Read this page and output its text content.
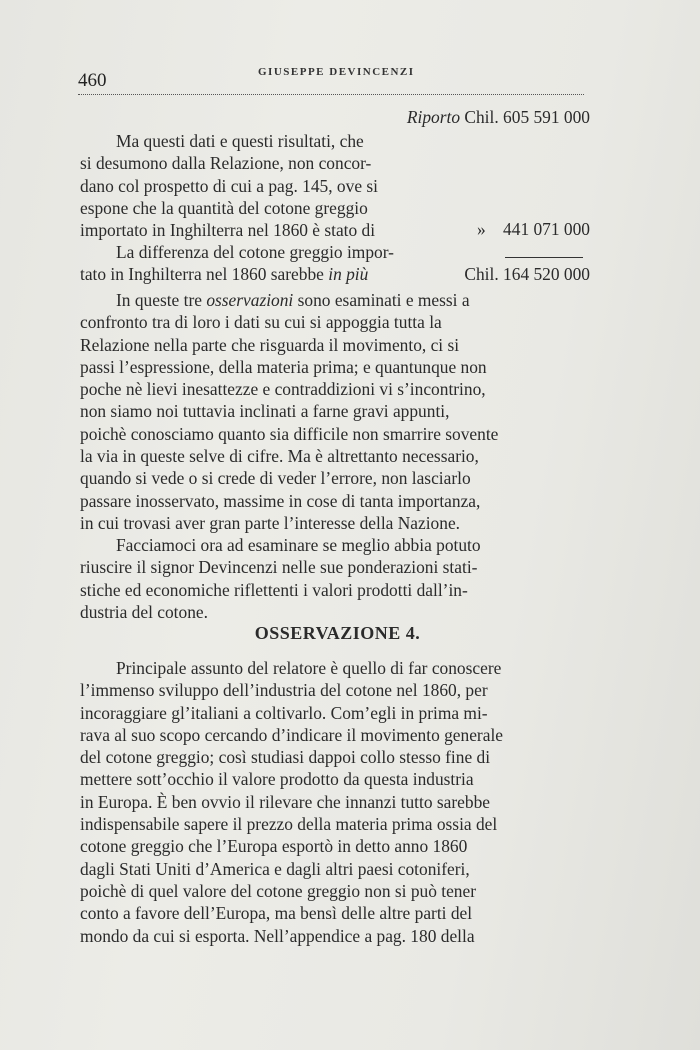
460	GIUSEPPE DEVINCENZI
Riporto Chil. 605 591 000
Ma questi dati e questi risultati, che
si desumono dalla Relazione, non concor-
dano col prospetto di cui a pag. 145, ove si
espone che la quantità del cotone greggio
importato in Inghilterra nel 1860 è stato di	» 441 071 000
La differenza del cotone greggio impor-
tato in Inghilterra nel 1860 sarebbe in più	Chil. 164 520 000
In queste tre osservazioni sono esaminati e messi a
confronto tra di loro i dati su cui si appoggia tutta la
Relazione nella parte che risguarda il movimento, ci si
passi l’espressione, della materia prima; e quantunque non
poche nè lievi inesattezze e contraddizioni vi s’incontrino,
non siamo noi tuttavia inclinati a farne gravi appunti,
poichè conosciamo quanto sia difficile non smarrire sovente
la via in queste selve di cifre. Ma è altrettanto necessario,
quando si vede o si crede di veder l’errore, non lasciarlo
passare inosservato, massime in cose di tanta importanza,
in cui trovasi aver gran parte l’interesse della Nazione.
Facciamoci ora ad esaminare se meglio abbia potuto
riuscire il signor Devincenzi nelle sue ponderazioni stati-
stiche ed economiche riflettenti i valori prodotti dall’in-
dustria del cotone.
OSSERVAZIONE 4.
Principale assunto del relatore è quello di far conoscere
l’immenso sviluppo dell’industria del cotone nel 1860, per
incoraggiare gl’italiani a coltivarlo. Com’egli in prima mi-
rava al suo scopo cercando d’indicare il movimento generale
del cotone greggio; così studiasi dappoi collo stesso fine di
mettere sott’occhio il valore prodotto da questa industria
in Europa. È ben ovvio il rilevare che innanzi tutto sarebbe
indispensabile sapere il prezzo della materia prima ossia del
cotone greggio che l’Europa esportò in detto anno 1860
dagli Stati Uniti d’America e dagli altri paesi cotoniferi,
poichè di quel valore del cotone greggio non si può tener
conto a favore dell’Europa, ma bensì delle altre parti del
mondo da cui si esporta. Nell’appendice a pag. 180 della
